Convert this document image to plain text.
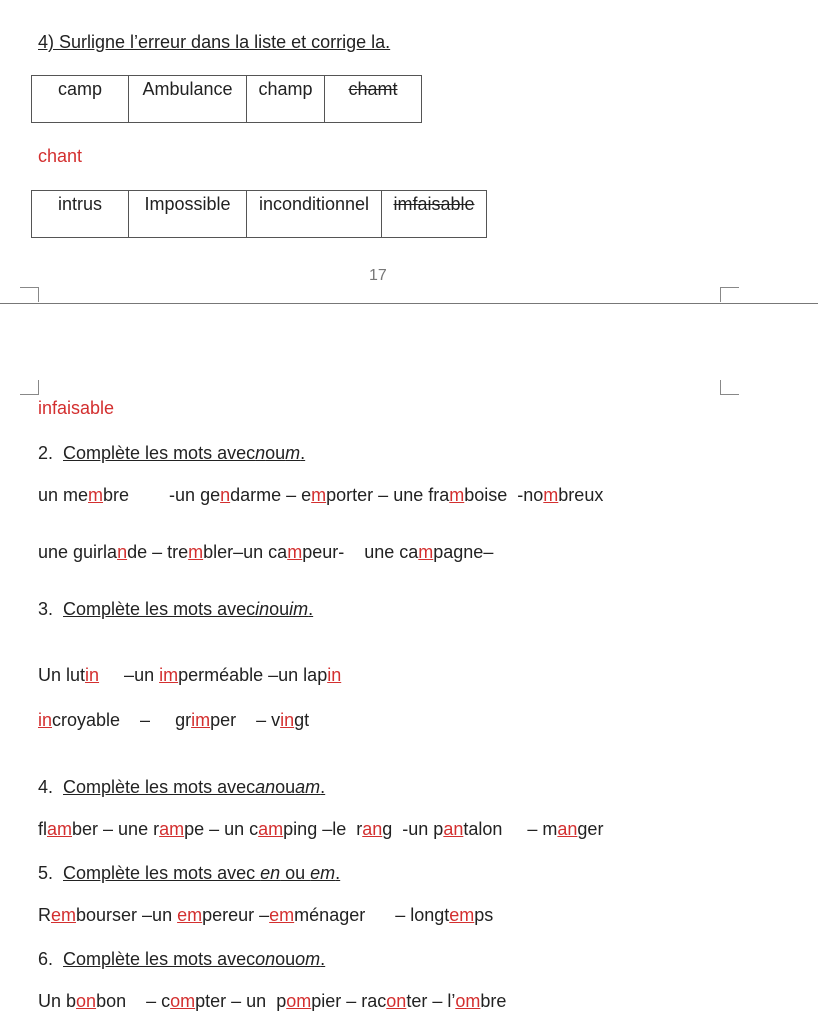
4) Surligne l’erreur dans la liste et corrige la.
camp	Ambulance	champ	chamt
chant
intrus	Impossible	inconditionnel	imfaisable
17
infaisable
2. Complète les mots avecnoum.
un membre        -un gendarme – emporter – une framboise  -nombreux
une guirlande – trembler–un campeur-    une campagne–
3. Complète les mots avecinouim.
Un lutin     –un imperméable –un lapin
incroyable    –     grimper    – vingt
4. Complète les mots avecanouam.
flamber – une rampe – un camping –le  rang  -un pantalon     – manger
5. Complète les mots avec en ou em.
Rembourser –un empereur –emménager      – longtemps
6. Complète les mots aveconouom.
Un bonbon    – compter – un  pompier – raconter – l’ombre
